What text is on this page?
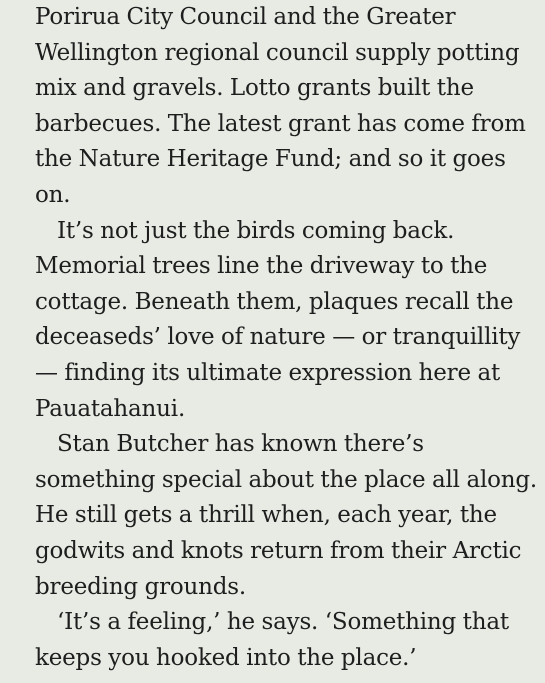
Porirua City Council and the Greater
Wellington regional council supply potting
mix and gravels. Lotto grants built the
barbecues. The latest grant has come from
the Nature Heritage Fund; and so it goes
on.
It’s not just the birds coming back.
Memorial trees line the driveway to the
cottage. Beneath them, plaques recall the
deceaseds’ love of nature — or tranquillity
— finding its ultimate expression here at
Pauatahanui.
Stan Butcher has known there’s
something special about the place all along.
He still gets a thrill when, each year, the
godwits and knots return from their Arctic
breeding grounds.
‘It’s a feeling,’ he says. ‘Something that
keeps you hooked into the place.’
